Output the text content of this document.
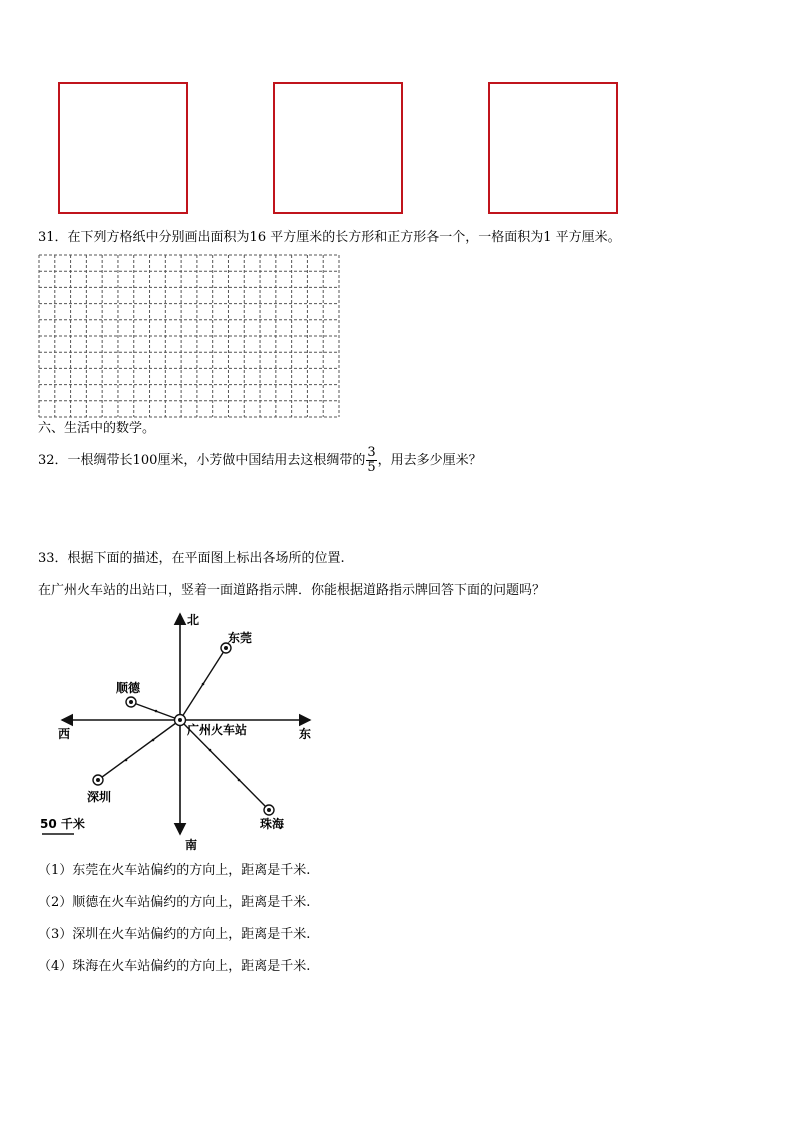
31．在下列方格纸中分别画出面积为16 平方厘米的长方形和正方形各一个，一格面积为1 平方厘米。
六、生活中的数学。
32．一根绸带长100厘米，小芳做中国结用去这根绸带的 $\frac{3}{5}$ ，用去多少厘米？
33．根据下面的描述，在平面图上标出各场所的位置.
在广州火车站的出站口，竖着一面道路指示牌．你能根据道路指示牌回答下面的问题吗？
北
南
东
西	广州火车站
东莞
顺德
深圳
珠海
50 千米
（1）东莞在火车站偏约的方向上，距离是千米.
（2）顺德在火车站偏约的方向上，距离是千米.
（3）深圳在火车站偏约的方向上，距离是千米.
（4）珠海在火车站偏约的方向上，距离是千米.
